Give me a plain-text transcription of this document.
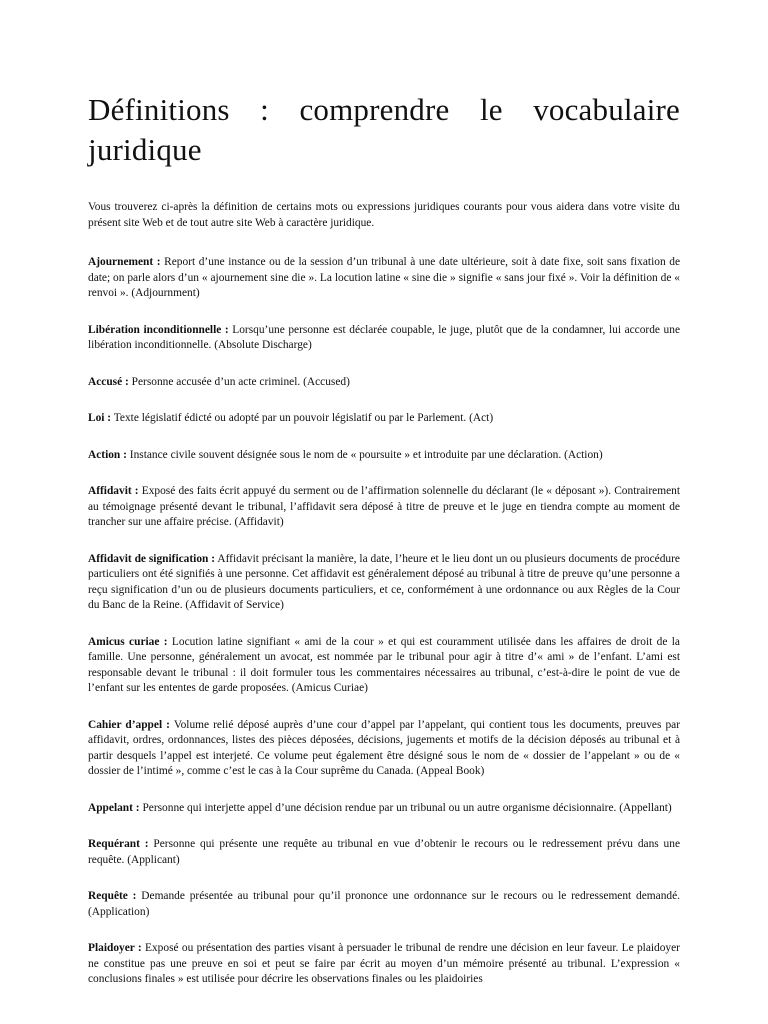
Définitions : comprendre le vocabulaire juridique

Vous trouverez ci-après la définition de certains mots ou expressions juridiques courants pour vous aidera dans votre visite du présent site Web et de tout autre site Web à caractère juridique.

Ajournement : Report d’une instance ou de la session d’un tribunal à une date ultérieure, soit à date fixe, soit sans fixation de date; on parle alors d’un « ajournement sine die ». La locution latine « sine die » signifie « sans jour fixé ». Voir la définition de « renvoi ». (Adjournment)

Libération inconditionnelle : Lorsqu’une personne est déclarée coupable, le juge, plutôt que de la condamner, lui accorde une libération inconditionnelle. (Absolute Discharge)

Accusé : Personne accusée d’un acte criminel. (Accused)

Loi : Texte législatif édicté ou adopté par un pouvoir législatif ou par le Parlement. (Act)

Action : Instance civile souvent désignée sous le nom de « poursuite » et introduite par une déclaration. (Action)

Affidavit : Exposé des faits écrit appuyé du serment ou de l’affirmation solennelle du déclarant (le « déposant »). Contrairement au témoignage présenté devant le tribunal, l’affidavit sera déposé à titre de preuve et le juge en tiendra compte au moment de trancher sur une affaire précise. (Affidavit)

Affidavit de signification : Affidavit précisant la manière, la date, l’heure et le lieu dont un ou plusieurs documents de procédure particuliers ont été signifiés à une personne. Cet affidavit est généralement déposé au tribunal à titre de preuve qu’une personne a reçu signification d’un ou de plusieurs documents particuliers, et ce, conformément à une ordonnance ou aux Règles de la Cour du Banc de la Reine. (Affidavit of Service)

Amicus curiae : Locution latine signifiant « ami de la cour » et qui est couramment utilisée dans les affaires de droit de la famille. Une personne, généralement un avocat, est nommée par le tribunal pour agir à titre d’« ami » de l’enfant. L’ami est responsable devant le tribunal : il doit formuler tous les commentaires nécessaires au tribunal, c’est-à-dire le point de vue de l’enfant sur les ententes de garde proposées. (Amicus Curiae)

Cahier d’appel : Volume relié déposé auprès d’une cour d’appel par l’appelant, qui contient tous les documents, preuves par affidavit, ordres, ordonnances, listes des pièces déposées, décisions, jugements et motifs de la décision déposés au tribunal et à partir desquels l’appel est interjeté. Ce volume peut également être désigné sous le nom de « dossier de l’appelant » ou de « dossier de l’intimé », comme c’est le cas à la Cour suprême du Canada. (Appeal Book)

Appelant : Personne qui interjette appel d’une décision rendue par un tribunal ou un autre organisme décisionnaire. (Appellant)

Requérant : Personne qui présente une requête au tribunal en vue d’obtenir le recours ou le redressement prévu dans une requête. (Applicant)

Requête : Demande présentée au tribunal pour qu’il prononce une ordonnance sur le recours ou le redressement demandé. (Application)

Plaidoyer : Exposé ou présentation des parties visant à persuader le tribunal de rendre une décision en leur faveur. Le plaidoyer ne constitue pas une preuve en soi et peut se faire par écrit au moyen d’un mémoire présenté au tribunal. L’expression « conclusions finales » est utilisée pour décrire les observations finales ou les plaidoiries
